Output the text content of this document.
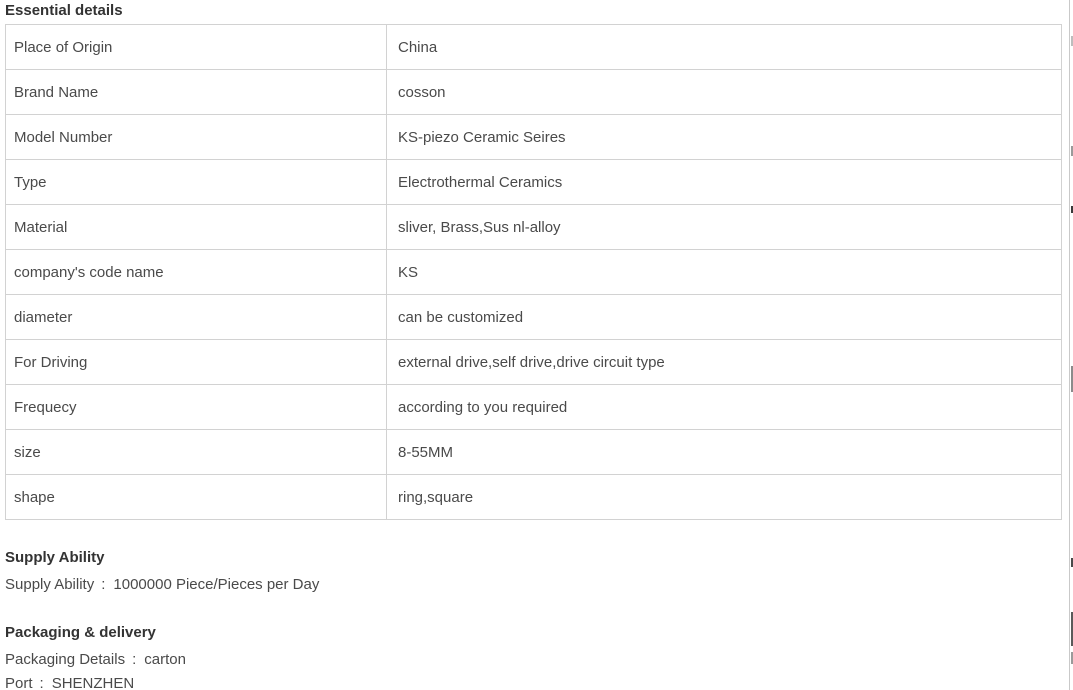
Essential details
Place of Origin	China
Brand Name	cosson
Model Number	KS-piezo Ceramic Seires
Type	Electrothermal Ceramics
Material	sliver, Brass,Sus nl-alloy
company's code name	KS
diameter	can be customized
For Driving	external drive,self drive,drive circuit type
Frequecy	according to you required
size	8-55MM
shape	ring,square
Supply Ability

Supply Ability : 1000000 Piece/Pieces per Day

Packaging & delivery

Packaging Details : carton

Port : SHENZHEN
